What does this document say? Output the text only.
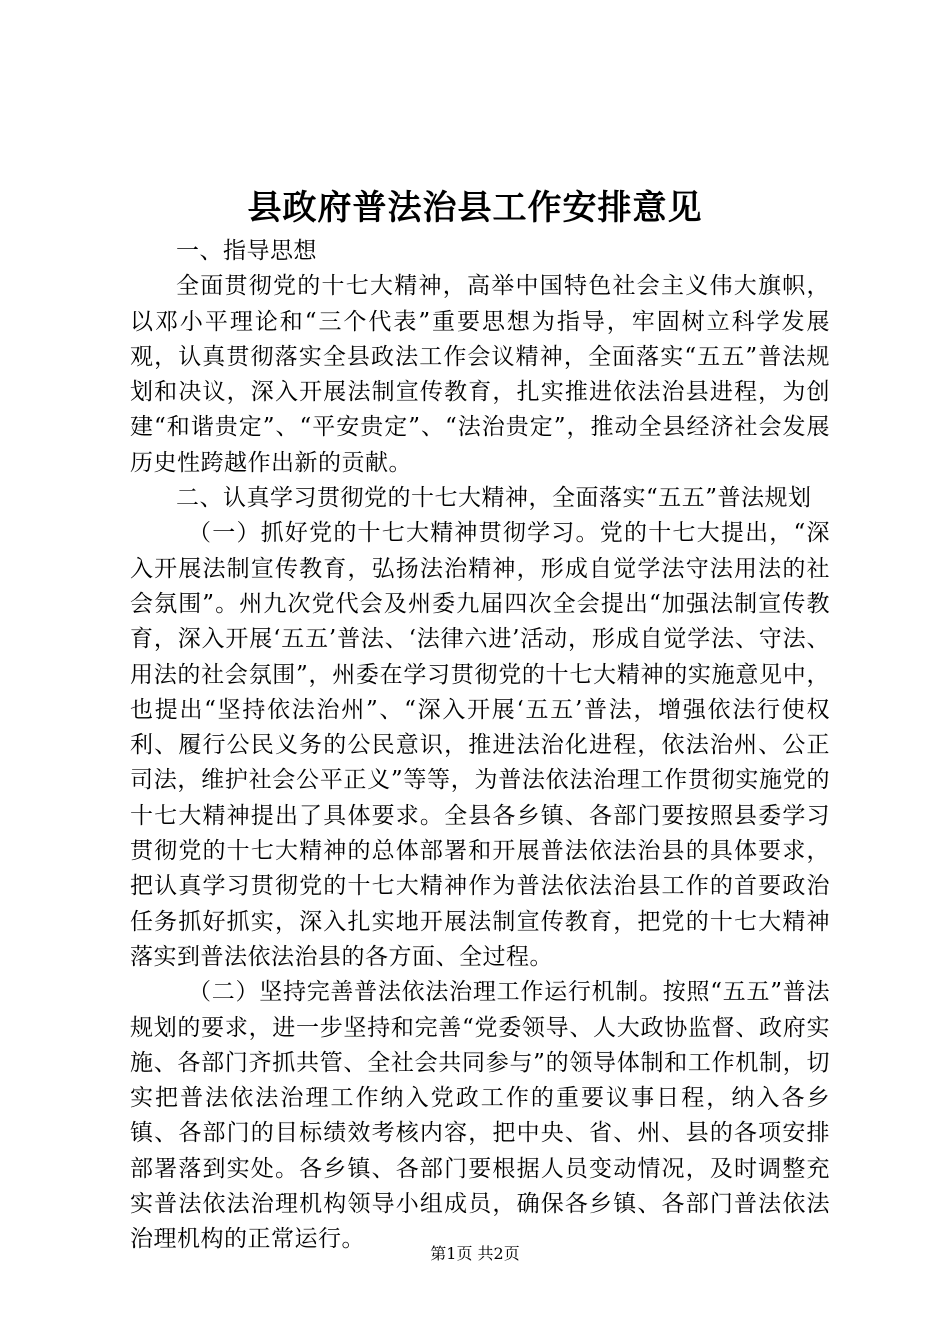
县政府普法治县工作安排意见

一、指导思想

全面贯彻党的十七大精神，高举中国特色社会主义伟大旗帜，以邓小平理论和“三个代表”重要思想为指导，牢固树立科学发展观，认真贯彻落实全县政法工作会议精神，全面落实“五五”普法规划和决议，深入开展法制宣传教育，扎实推进依法治县进程，为创建“和谐贵定”、“平安贵定”、“法治贵定”，推动全县经济社会发展历史性跨越作出新的贡献。

二、认真学习贯彻党的十七大精神，全面落实“五五”普法规划

（一）抓好党的十七大精神贯彻学习。党的十七大提出，“深入开展法制宣传教育，弘扬法治精神，形成自觉学法守法用法的社会氛围”。州九次党代会及州委九届四次全会提出“加强法制宣传教育，深入开展‘五五’普法、‘法律六进’活动，形成自觉学法、守法、用法的社会氛围”，州委在学习贯彻党的十七大精神的实施意见中，也提出“坚持依法治州”、“深入开展‘五五’普法，增强依法行使权利、履行公民义务的公民意识，推进法治化进程，依法治州、公正司法，维护社会公平正义”等等，为普法依法治理工作贯彻实施党的十七大精神提出了具体要求。全县各乡镇、各部门要按照县委学习贯彻党的十七大精神的总体部署和开展普法依法治县的具体要求，把认真学习贯彻党的十七大精神作为普法依法治县工作的首要政治任务抓好抓实，深入扎实地开展法制宣传教育，把党的十七大精神落实到普法依法治县的各方面、全过程。

（二）坚持完善普法依法治理工作运行机制。按照“五五”普法规划的要求，进一步坚持和完善“党委领导、人大政协监督、政府实施、各部门齐抓共管、全社会共同参与”的领导体制和工作机制，切实把普法依法治理工作纳入党政工作的重要议事日程，纳入各乡镇、各部门的目标绩效考核内容，把中央、省、州、县的各项安排部署落到实处。各乡镇、各部门要根据人员变动情况，及时调整充实普法依法治理机构领导小组成员，确保各乡镇、各部门普法依法治理机构的正常运行。

第1页 共2页
